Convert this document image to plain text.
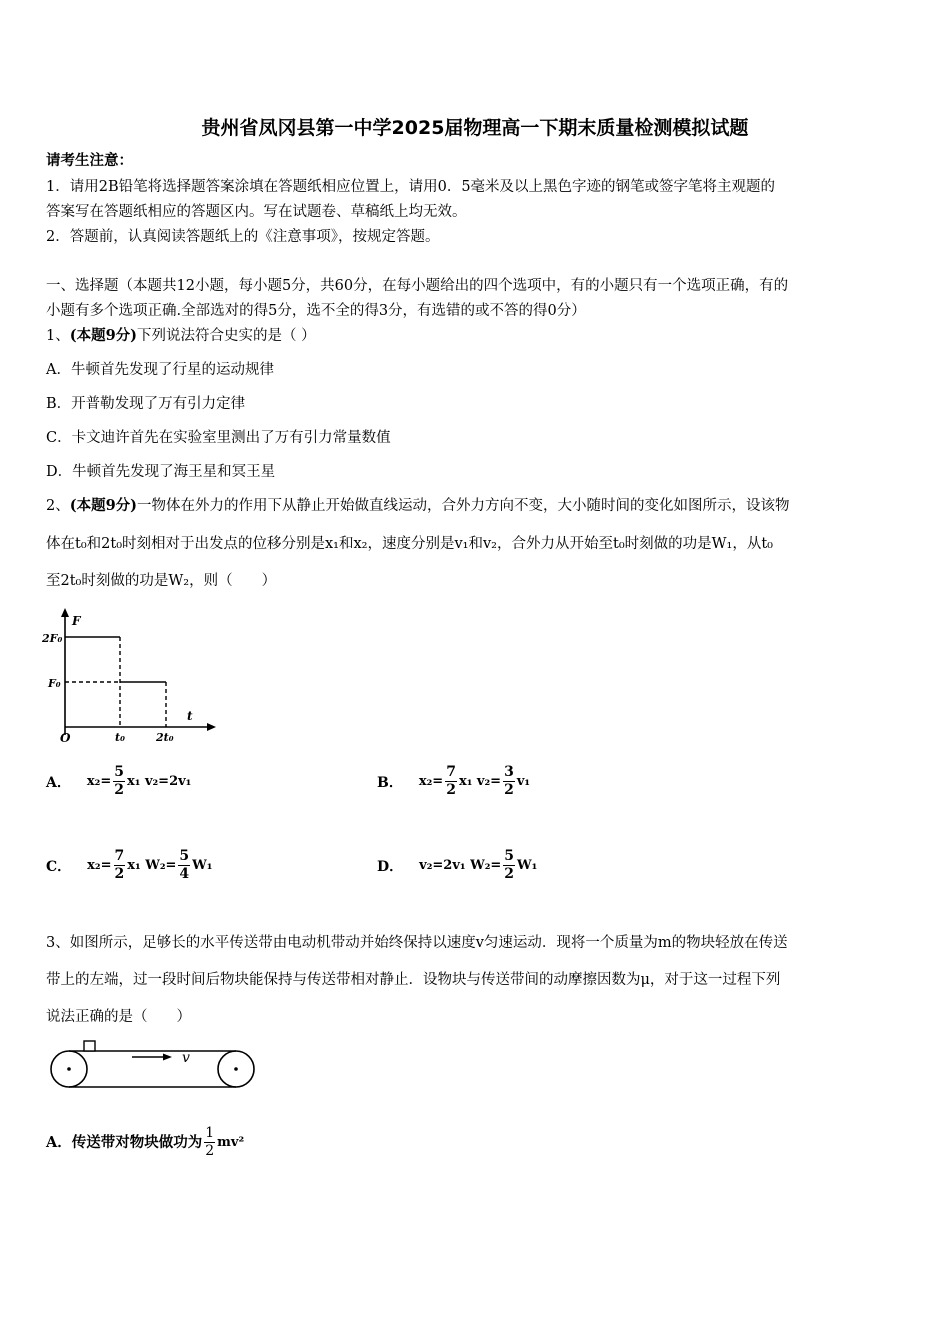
贵州省凤冈县第一中学2025届物理高一下期末质量检测模拟试题
请考生注意：
1．请用2B铅笔将选择题答案涂填在答题纸相应位置上，请用0．5毫米及以上黑色字迹的钢笔或签字笔将主观题的
答案写在答题纸相应的答题区内。写在试题卷、草稿纸上均无效。
2．答题前，认真阅读答题纸上的《注意事项》，按规定答题。
一、选择题（本题共12小题，每小题5分，共60分，在每小题给出的四个选项中，有的小题只有一个选项正确，有的
小题有多个选项正确.全部选对的得5分，选不全的得3分，有选错的或不答的得0分）
1、(本题9分)下列说法符合史实的是（ ）
A．牛顿首先发现了行星的运动规律
B．开普勒发现了万有引力定律
C．卡文迪许首先在实验室里测出了万有引力常量数值
D．牛顿首先发现了海王星和冥王星
2、(本题9分)一物体在外力的作用下从静止开始做直线运动，合外力方向不变，大小随时间的变化如图所示，设该物
体在t₀和2t₀时刻相对于出发点的位移分别是x₁和x₂，速度分别是v₁和v₂，合外力从开始至t₀时刻做的功是W₁，从t₀
至2t₀时刻做的功是W₂，则（　　）
F
2F₀
F₀
O
t
t₀	2t₀
A． $x_2= \frac{5}{2} x_1$ v₂=2v₁	B． $x_2= \frac{7}{2} x_1$ $v_2= \frac{3}{2} v_1$
C． $x_2= \frac{7}{2} x_1$ $W_2= \frac{5}{4} W_1$	D． v₂=2v₁ $W_2= \frac{5}{2} W_1$
3、如图所示，足够长的水平传送带由电动机带动并始终保持以速度v匀速运动．现将一个质量为m的物块轻放在传送
带上的左端，过一段时间后物块能保持与传送带相对静止．设物块与传送带间的动摩擦因数为μ，对于这一过程下列
说法正确的是（　　）
v
A．传送带对物块做功为 $\frac{1}{2} mv^2$
